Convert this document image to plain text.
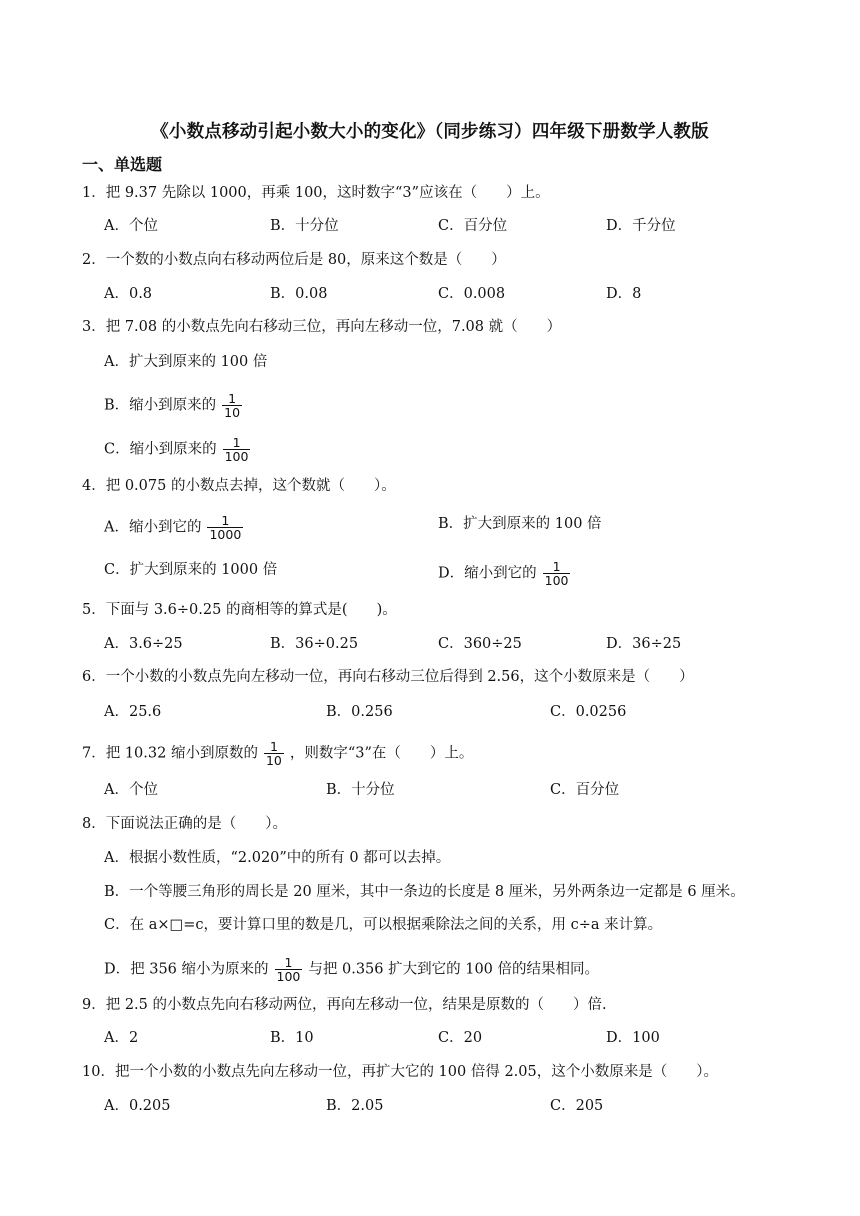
《小数点移动引起小数大小的变化》（同步练习）四年级下册数学人教版
一、单选题
1．把 9.37 先除以 1000，再乘 100，这时数字“3”应该在（　　）上。
A．个位	B．十分位	C．百分位	D．千分位
2．一个数的小数点向右移动两位后是 80，原来这个数是（　　）
A．0.8	B．0.08	C．0.008	D．8
3．把 7.08 的小数点先向右移动三位，再向左移动一位，7.08 就（　　）
A．扩大到原来的 100 倍
B．缩小到原来的 $\frac{1}{10}$
C．缩小到原来的 $\frac{1}{100}$
4．把 0.075 的小数点去掉，这个数就（　　）。
A．缩小到它的 $\frac{1}{1000}$	B．扩大到原来的 100 倍
C．扩大到原来的 1000 倍	D．缩小到它的 $\frac{1}{100}$
5．下面与 3.6÷0.25 的商相等的算式是(　　)。
A．3.6÷25	B．36÷0.25	C．360÷25	D．36÷25
6．一个小数的小数点先向左移动一位，再向右移动三位后得到 2.56，这个小数原来是（　　）
A．25.6	B．0.256	C．0.0256
7．把 10.32 缩小到原数的 $\frac{1}{10}$ ，则数字“3”在（　　）上。
A．个位	B．十分位	C．百分位
8．下面说法正确的是（　　）。
A．根据小数性质，“2.020”中的所有 0 都可以去掉。
B．一个等腰三角形的周长是 20 厘米，其中一条边的长度是 8 厘米，另外两条边一定都是 6 厘米。
C．在 a×□=c，要计算口里的数是几，可以根据乘除法之间的关系，用 c÷a 来计算。
D．把 356 缩小为原来的 $\frac{1}{100}$ 与把 0.356 扩大到它的 100 倍的结果相同。
9．把 2.5 的小数点先向右移动两位，再向左移动一位，结果是原数的（　　）倍.
A．2	B．10	C．20	D．100
10．把一个小数的小数点先向左移动一位，再扩大它的 100 倍得 2.05，这个小数原来是（　　）。
A．0.205	B．2.05	C．205
